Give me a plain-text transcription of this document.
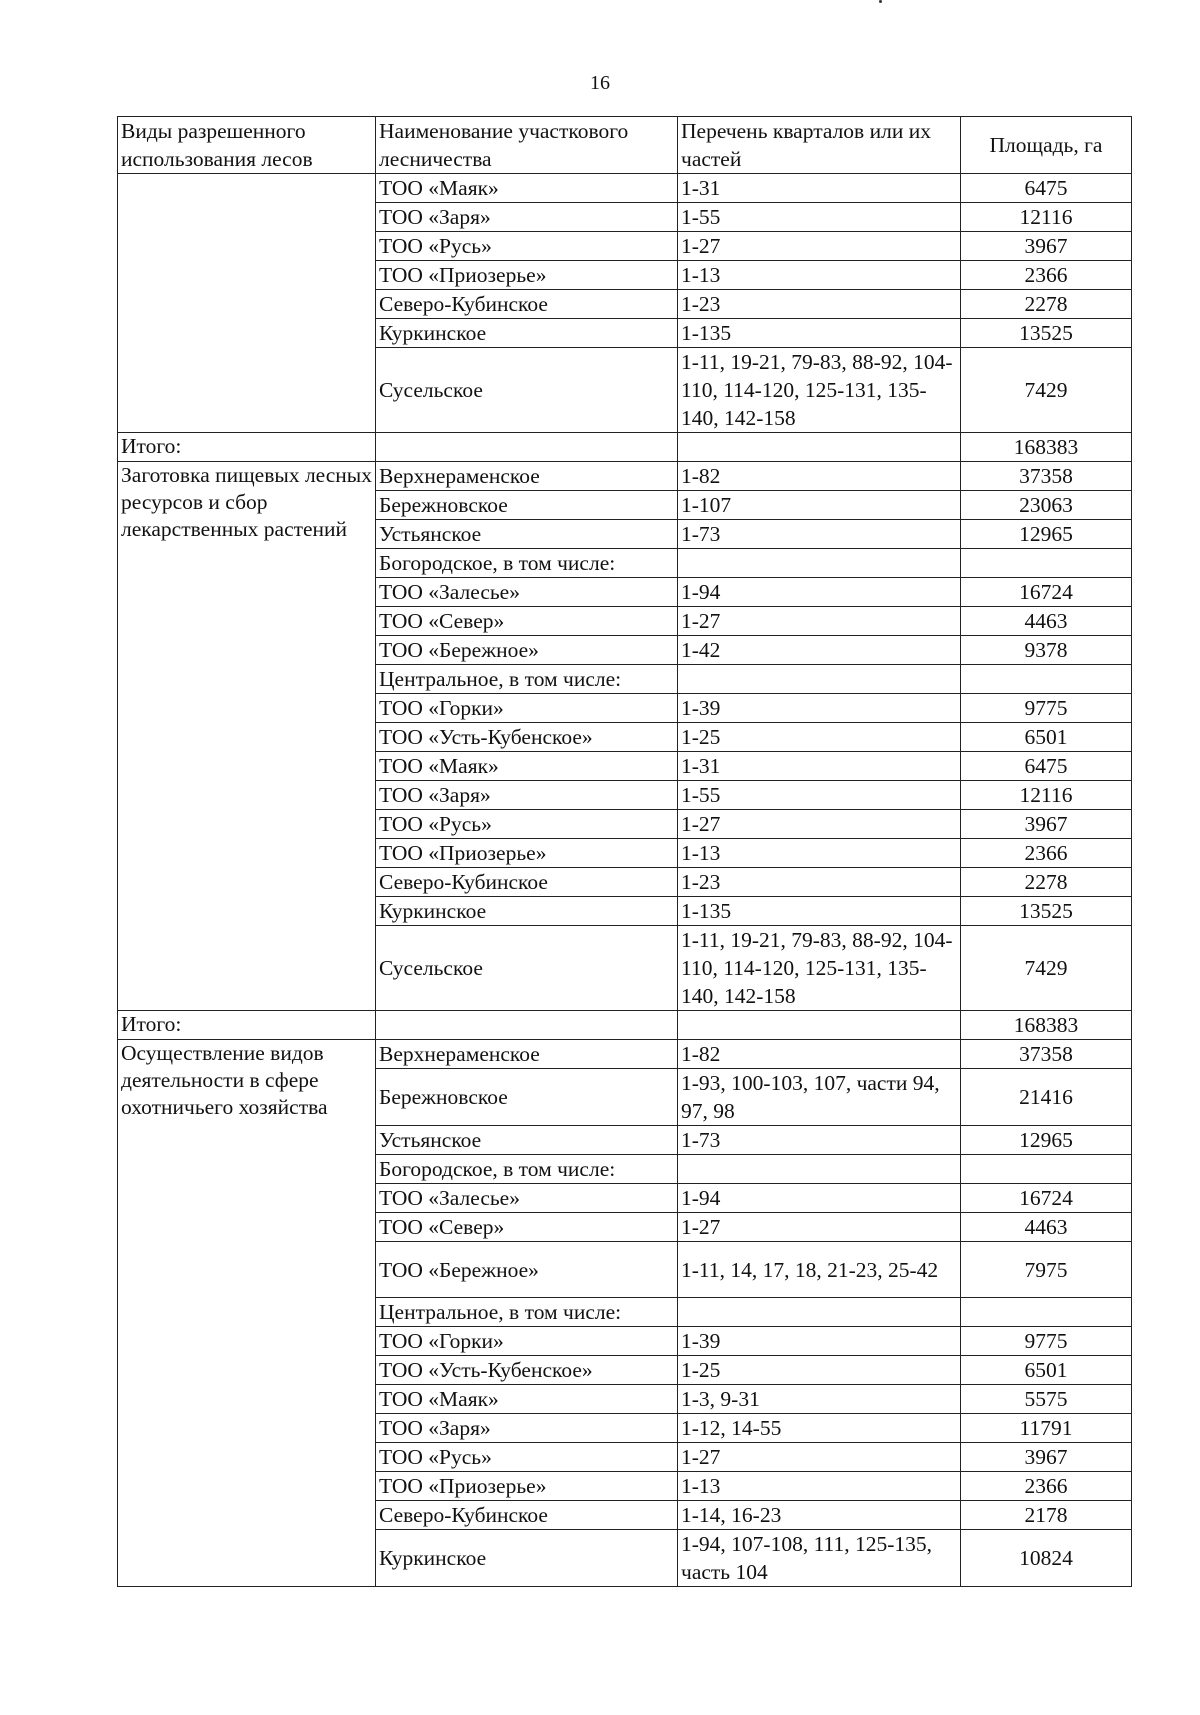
16
Виды разрешенного использования лесов	Наименование участкового лесничества	Перечень кварталов или их частей	Площадь, га
	ТОО «Маяк»	1-31	6475
	ТОО «Заря»	1-55	12116
	ТОО «Русь»	1-27	3967
	ТОО «Приозерье»	1-13	2366
	Северо-Кубинское	1-23	2278
	Куркинское	1-135	13525
	Сусельское	1-11, 19-21, 79-83, 88-92, 104-110, 114-120, 125-131, 135-140, 142-158	7429
Итого:			168383
Заготовка пищевых лесных ресурсов и сбор лекарственных растений	Верхнераменское	1-82	37358
	Бережновское	1-107	23063
	Устьянское	1-73	12965
	Богородское, в том числе:		
	ТОО «Залесье»	1-94	16724
	ТОО «Север»	1-27	4463
	ТОО «Бережное»	1-42	9378
	Центральное, в том числе:		
	ТОО «Горки»	1-39	9775
	ТОО «Усть-Кубенское»	1-25	6501
	ТОО «Маяк»	1-31	6475
	ТОО «Заря»	1-55	12116
	ТОО «Русь»	1-27	3967
	ТОО «Приозерье»	1-13	2366
	Северо-Кубинское	1-23	2278
	Куркинское	1-135	13525
	Сусельское	1-11, 19-21, 79-83, 88-92, 104-110, 114-120, 125-131, 135-140, 142-158	7429
Итого:			168383
Осуществление видов деятельности в сфере охотничьего хозяйства	Верхнераменское	1-82	37358
	Бережновское	1-93, 100-103, 107, части 94, 97, 98	21416
	Устьянское	1-73	12965
	Богородское, в том числе:		
	ТОО «Залесье»	1-94	16724
	ТОО «Север»	1-27	4463
	ТОО «Бережное»	1-11, 14, 17, 18, 21-23, 25-42	7975
	Центральное, в том числе:		
	ТОО «Горки»	1-39	9775
	ТОО «Усть-Кубенское»	1-25	6501
	ТОО «Маяк»	1-3, 9-31	5575
	ТОО «Заря»	1-12, 14-55	11791
	ТОО «Русь»	1-27	3967
	ТОО «Приозерье»	1-13	2366
	Северо-Кубинское	1-14, 16-23	2178
	Куркинское	1-94, 107-108, 111, 125-135, часть 104	10824
